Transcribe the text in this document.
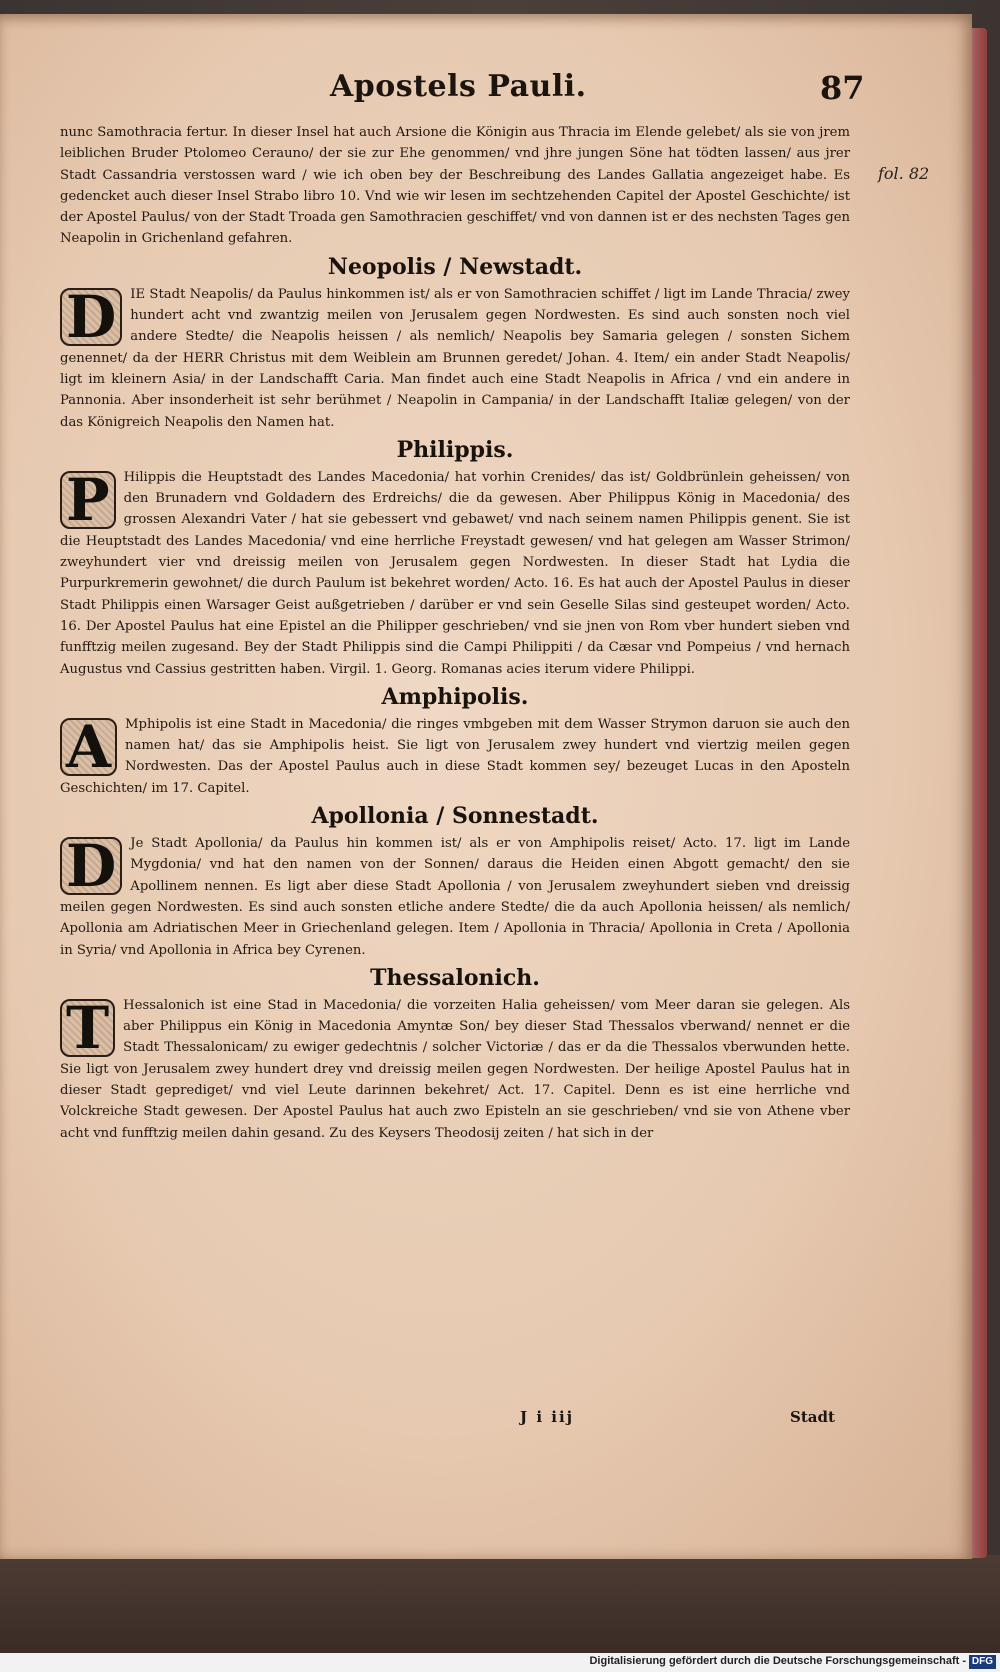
Apostels Pauli.	87
fol. 82

nunc Samothracia fertur. In dieser Insel hat auch Arsione die Königin aus Thracia im Elende gelebet/ als sie von jrem leiblichen Bruder Ptolomeo Cerauno/ der sie zur Ehe genommen/ vnd jhre jungen Söne hat tödten lassen/ aus jrer Stadt Cassandria verstossen ward / wie ich oben bey der Beschreibung des Landes Gallatia angezeiget habe. Es gedencket auch dieser Insel Strabo libro 10. Vnd wie wir lesen im sechtzehenden Capitel der Apostel Geschichte/ ist der Apostel Paulus/ von der Stadt Troada gen Samothracien geschiffet/ vnd von dannen ist er des nechsten Tages gen Neapolin in Grichenland gefahren.

Neopolis / Newstadt.

D	IE Stadt Neapolis/ da Paulus hinkommen ist/ als er von Samothracien schiffet / ligt im Lande Thracia/ zwey hundert acht vnd zwantzig meilen von Jerusalem gegen Nordwesten. Es sind auch sonsten noch viel andere Stedte/ die Neapolis heissen / als nemlich/ Neapolis bey Samaria gelegen / sonsten Sichem genennet/ da der HERR Christus mit dem Weiblein am Brunnen geredet/ Johan. 4. Item/ ein ander Stadt Neapolis/ ligt im kleinern Asia/ in der Landschafft Caria. Man findet auch eine Stadt Neapolis in Africa / vnd ein andere in Pannonia. Aber insonderheit ist sehr berühmet / Neapolin in Campania/ in der Landschafft Italiæ gelegen/ von der das Königreich Neapolis den Namen hat.

Philippis.

P	Hilippis die Heuptstadt des Landes Macedonia/ hat vorhin Crenides/ das ist/ Goldbrünlein geheissen/ von den Brunadern vnd Goldadern des Erdreichs/ die da gewesen. Aber Philippus König in Macedonia/ des grossen Alexandri Vater / hat sie gebessert vnd gebawet/ vnd nach seinem namen Philippis genent. Sie ist die Heuptstadt des Landes Macedonia/ vnd eine herrliche Freystadt gewesen/ vnd hat gelegen am Wasser Strimon/ zweyhundert vier vnd dreissig meilen von Jerusalem gegen Nordwesten. In dieser Stadt hat Lydia die Purpurkremerin gewohnet/ die durch Paulum ist bekehret worden/ Acto. 16. Es hat auch der Apostel Paulus in dieser Stadt Philippis einen Warsager Geist außgetrieben / darüber er vnd sein Geselle Silas sind gesteupet worden/ Acto. 16. Der Apostel Paulus hat eine Epistel an die Philipper geschrieben/ vnd sie jnen von Rom vber hundert sieben vnd funfftzig meilen zugesand. Bey der Stadt Philippis sind die Campi Philippiti / da Cæsar vnd Pompeius / vnd hernach Augustus vnd Cassius gestritten haben. Virgil. 1. Georg. Romanas acies iterum videre Philippi.

Amphipolis.

A	Mphipolis ist eine Stadt in Macedonia/ die ringes vmbgeben mit dem Wasser Strymon daruon sie auch den namen hat/ das sie Amphipolis heist. Sie ligt von Jerusalem zwey hundert vnd viertzig meilen gegen Nordwesten. Das der Apostel Paulus auch in diese Stadt kommen sey/ bezeuget Lucas in den Aposteln Geschichten/ im 17. Capitel.

Apollonia / Sonnestadt.

D	Je Stadt Apollonia/ da Paulus hin kommen ist/ als er von Amphipolis reiset/ Acto. 17. ligt im Lande Mygdonia/ vnd hat den namen von der Sonnen/ daraus die Heiden einen Abgott gemacht/ den sie Apollinem nennen. Es ligt aber diese Stadt Apollonia / von Jerusalem zweyhundert sieben vnd dreissig meilen gegen Nordwesten. Es sind auch sonsten etliche andere Stedte/ die da auch Apollonia heissen/ als nemlich/ Apollonia am Adriatischen Meer in Griechenland gelegen. Item / Apollonia in Thracia/ Apollonia in Creta / Apollonia in Syria/ vnd Apollonia in Africa bey Cyrenen.

Thessalonich.

T	Hessalonich ist eine Stad in Macedonia/ die vorzeiten Halia geheissen/ vom Meer daran sie gelegen. Als aber Philippus ein König in Macedonia Amyntæ Son/ bey dieser Stad Thessalos vberwand/ nennet er die Stadt Thessalonicam/ zu ewiger gedechtnis / solcher Victoriæ / das er da die Thessalos vberwunden hette. Sie ligt von Jerusalem zwey hundert drey vnd dreissig meilen gegen Nordwesten. Der heilige Apostel Paulus hat in dieser Stadt geprediget/ vnd viel Leute darinnen bekehret/ Act. 17. Capitel. Denn es ist eine herrliche vnd Volckreiche Stadt gewesen. Der Apostel Paulus hat auch zwo Episteln an sie geschrieben/ vnd sie von Athene vber acht vnd funfftzig meilen dahin gesand. Zu des Keysers Theodosij zeiten / hat sich in der

J i iij	Stadt
Digitalisierung gefördert durch die Deutsche Forschungsgemeinschaft - DFG
